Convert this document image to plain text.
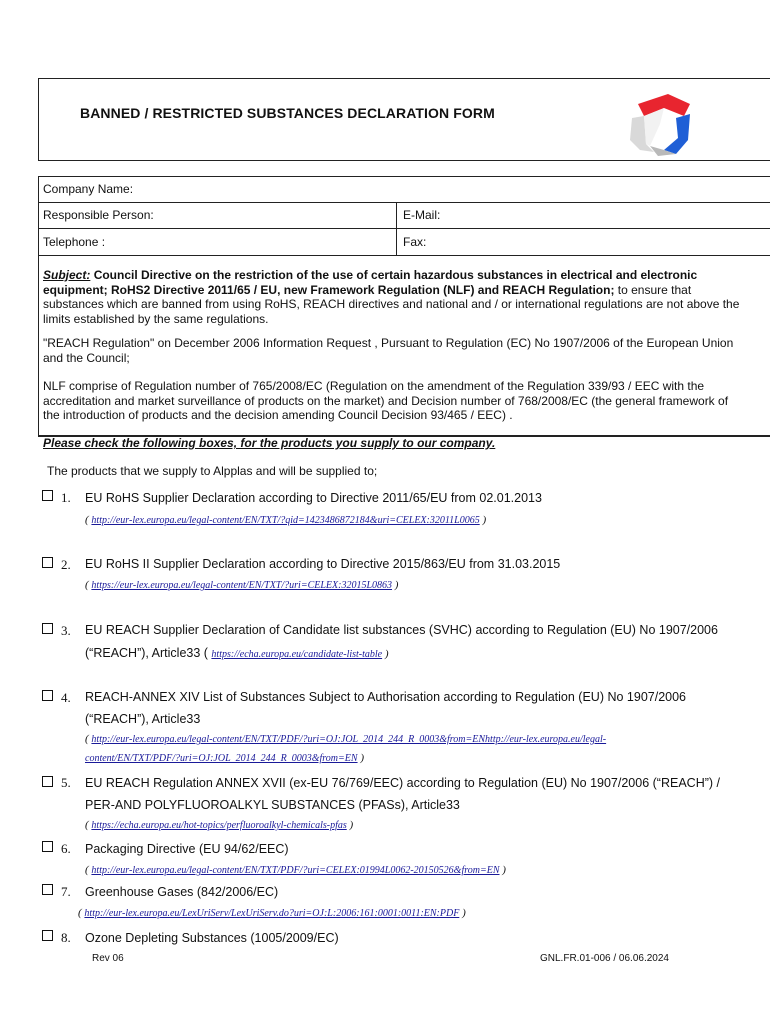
BANNED / RESTRICTED SUBSTANCES DECLARATION FORM
Company Name:
Responsible Person:	E-Mail:
Telephone :	Fax:
Subject: Council Directive on the restriction of the use of certain hazardous substances in electrical and electronic equipment; RoHS2 Directive 2011/65 / EU, new Framework Regulation (NLF) and REACH Regulation; to ensure that substances which are banned from using RoHS, REACH directives and national and / or international regulations are not above the limits established by the same regulations.
"REACH Regulation" on December 2006 Information Request , Pursuant to Regulation (EC) No 1907/2006 of the European Union and the Council;
NLF comprise of Regulation number of 765/2008/EC (Regulation on the amendment of the Regulation 339/93 / EEC with the accreditation and market surveillance of products on the market) and Decision number of 768/2008/EC (the general framework of the introduction of products and the decision amending Council Decision 93/465 / EEC) .
Please check the following boxes, for the products you supply to our company.
The products that we supply to Alpplas and will be supplied to;
1. EU RoHS Supplier Declaration according to Directive 2011/65/EU from 02.01.2013
( http://eur-lex.europa.eu/legal-content/EN/TXT/?qid=1423486872184&uri=CELEX:32011L0065 )
2. EU RoHS II Supplier Declaration according to Directive 2015/863/EU from 31.03.2015
( https://eur-lex.europa.eu/legal-content/EN/TXT/?uri=CELEX:32015L0863 )
3. EU REACH Supplier Declaration of Candidate list substances (SVHC) according to Regulation (EU) No 1907/2006
(“REACH”), Article33 ( https://echa.europa.eu/candidate-list-table )
4. REACH-ANNEX XIV List of Substances Subject to Authorisation according to Regulation (EU) No 1907/2006
(“REACH”), Article33
( http://eur-lex.europa.eu/legal-content/EN/TXT/PDF/?uri=OJ:JOL_2014_244_R_0003&from=ENhttp://eur-lex.europa.eu/legal-
content/EN/TXT/PDF/?uri=OJ:JOL_2014_244_R_0003&from=EN )
5. EU REACH Regulation ANNEX XVII (ex-EU 76/769/EEC) according to Regulation (EU) No 1907/2006 (“REACH”) /
PER-AND POLYFLUOROALKYL SUBSTANCES (PFASs), Article33
( https://echa.europa.eu/hot-topics/perfluoroalkyl-chemicals-pfas )
6. Packaging Directive (EU 94/62/EEC)
( http://eur-lex.europa.eu/legal-content/EN/TXT/PDF/?uri=CELEX:01994L0062-20150526&from=EN )
7. Greenhouse Gases (842/2006/EC)
( http://eur-lex.europa.eu/LexUriServ/LexUriServ.do?uri=OJ:L:2006:161:0001:0011:EN:PDF )
8. Ozone Depleting Substances (1005/2009/EC)
Rev 06	GNL.FR.01-006 / 06.06.2024
